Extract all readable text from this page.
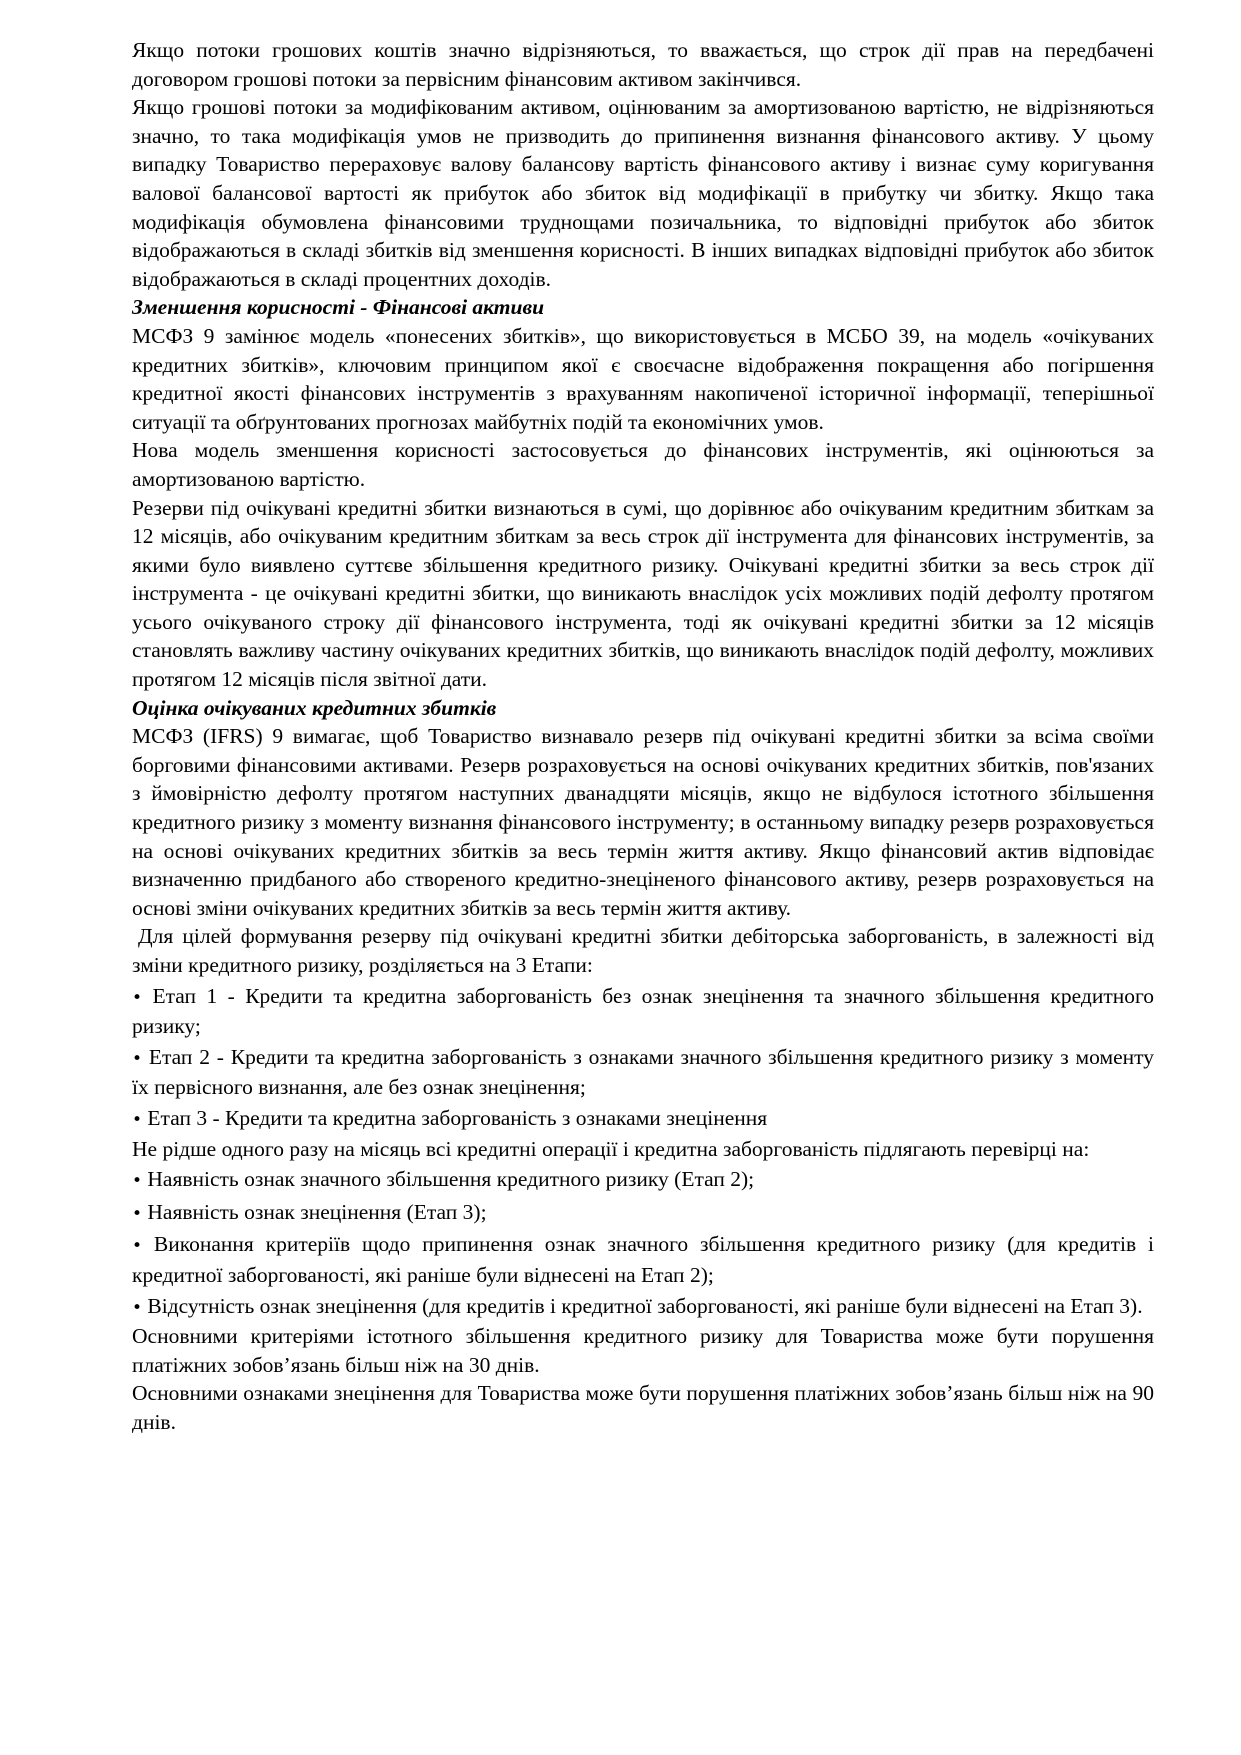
Якщо потоки грошових коштів значно відрізняються, то вважається, що строк дії прав на передбачені договором грошові потоки за первісним фінансовим активом закінчився.

Якщо грошові потоки за модифікованим активом, оцінюваним за амортизованою вартістю, не відрізняються значно, то така модифікація умов не призводить до припинення визнання фінансового активу. У цьому випадку Товариство перераховує валову балансову вартість фінансового активу і визнає суму коригування валової балансової вартості як прибуток або збиток від модифікації в прибутку чи збитку. Якщо така модифікація обумовлена фінансовими труднощами позичальника, то відповідні прибуток або збиток відображаються в складі збитків від зменшення корисності. В інших випадках відповідні прибуток або збиток відображаються в складі процентних доходів.

Зменшення корисності - Фінансові активи

МСФЗ 9 замінює модель «понесених збитків», що використовується в МСБО 39, на модель «очікуваних кредитних збитків», ключовим принципом якої є своєчасне відображення покращення або погіршення кредитної якості фінансових інструментів з врахуванням накопиченої історичної інформації, теперішньої ситуації та обґрунтованих прогнозах майбутніх подій та економічних умов.

Нова модель зменшення корисності застосовується до фінансових інструментів, які оцінюються за амортизованою вартістю.

Резерви під очікувані кредитні збитки визнаються в сумі, що дорівнює або очікуваним кредитним збиткам за 12 місяців, або очікуваним кредитним збиткам за весь строк дії інструмента для фінансових інструментів, за якими було виявлено суттєве збільшення кредитного ризику. Очікувані кредитні збитки за весь строк дії інструмента - це очікувані кредитні збитки, що виникають внаслідок усіх можливих подій дефолту протягом усього очікуваного строку дії фінансового інструмента, тоді як очікувані кредитні збитки за 12 місяців становлять важливу частину очікуваних кредитних збитків, що виникають внаслідок подій дефолту, можливих протягом 12 місяців після звітної дати.

Оцінка очікуваних кредитних збитків

МСФЗ (IFRS) 9 вимагає, щоб Товариство визнавало резерв під очікувані кредитні збитки за всіма своїми борговими фінансовими активами. Резерв розраховується на основі очікуваних кредитних збитків, пов'язаних з ймовірністю дефолту протягом наступних дванадцяти місяців, якщо не відбулося істотного збільшення кредитного ризику з моменту визнання фінансового інструменту; в останньому випадку резерв розраховується на основі очікуваних кредитних збитків за весь термін життя активу. Якщо фінансовий актив відповідає визначенню придбаного або створеного кредитно-знеціненого фінансового активу, резерв розраховується на основі зміни очікуваних кредитних збитків за весь термін життя активу.

Для цілей формування резерву під очікувані кредитні збитки дебіторська заборгованість, в залежності від зміни кредитного ризику, розділяється на 3 Етапи:

• Етап 1 - Кредити та кредитна заборгованість без ознак знецінення та значного збільшення кредитного ризику;

• Етап 2 - Кредити та кредитна заборгованість з ознаками значного збільшення кредитного ризику з моменту їх первісного визнання, але без ознак знецінення;

• Етап 3 - Кредити та кредитна заборгованість з ознаками знецінення

Не рідше одного разу на місяць всі кредитні операції і кредитна заборгованість підлягають перевірці на:

• Наявність ознак значного збільшення кредитного ризику (Етап 2);

• Наявність ознак знецінення (Етап 3);

• Виконання критеріїв щодо припинення ознак значного збільшення кредитного ризику (для кредитів і кредитної заборгованості, які раніше були віднесені на Етап 2);

• Відсутність ознак знецінення (для кредитів і кредитної заборгованості, які раніше були віднесені на Етап 3).

Основними критеріями істотного збільшення кредитного ризику для Товариства може бути порушення платіжних зобов’язань більш ніж на 30 днів.

Основними ознаками знецінення для Товариства може бути порушення платіжних зобов’язань більш ніж на 90 днів.
